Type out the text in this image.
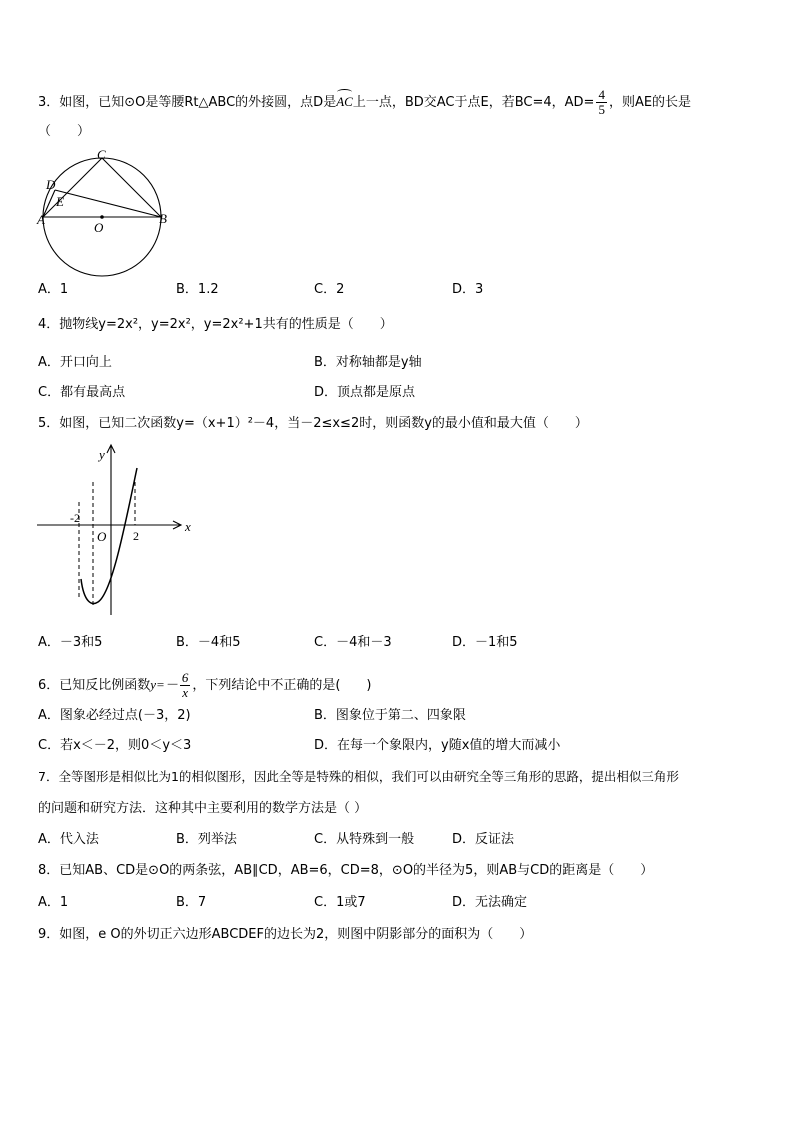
3．如图，已知⊙O是等腰Rt△ABC的外接圆，点D是
AC上一点，BD交AC于点E，若BC=4，$AD= \frac{4}{5}$ ，则AE的长是
（　　）
C
D
E
A
O
B
A．1	B．1.2	C．2	D．3
4．抛物线y=2x²，y=2x²，y=2x²+1共有的性质是（　　）
A．开口向上	B．对称轴都是y轴
C．都有最高点	D．顶点都是原点
5．如图，已知二次函数y=（x+1）²－4，当－2≤x≤2时，则函数y的最小值和最大值（　　）
y
x
O
-2
2
A．－3和5	B．－4和5	C．－4和－3	D．－1和5
6．已知反比例函数$y=- \frac{6}{x}$ ，下列结论中不正确的是(　　)
A．图象必经过点(－3，2)	B．图象位于第二、四象限
C．若x＜－2，则0＜y＜3	D．在每一个象限内，y随x值的增大而减小
7．全等图形是相似比为1的相似图形，因此全等是特殊的相似，我们可以由研究全等三角形的思路，提出相似三角形
的问题和研究方法．这种其中主要利用的数学方法是（ ）
A．代入法	B．列举法	C．从特殊到一般	D．反证法
8．已知AB、CD是⊙O的两条弦，AB∥CD，AB=6，CD=8，⊙O的半径为5，则AB与CD的距离是（　　）
A．1	B．7	C．1或7	D．无法确定
9．如图，e O的外切正六边形ABCDEF的边长为2，则图中阴影部分的面积为（　　）
